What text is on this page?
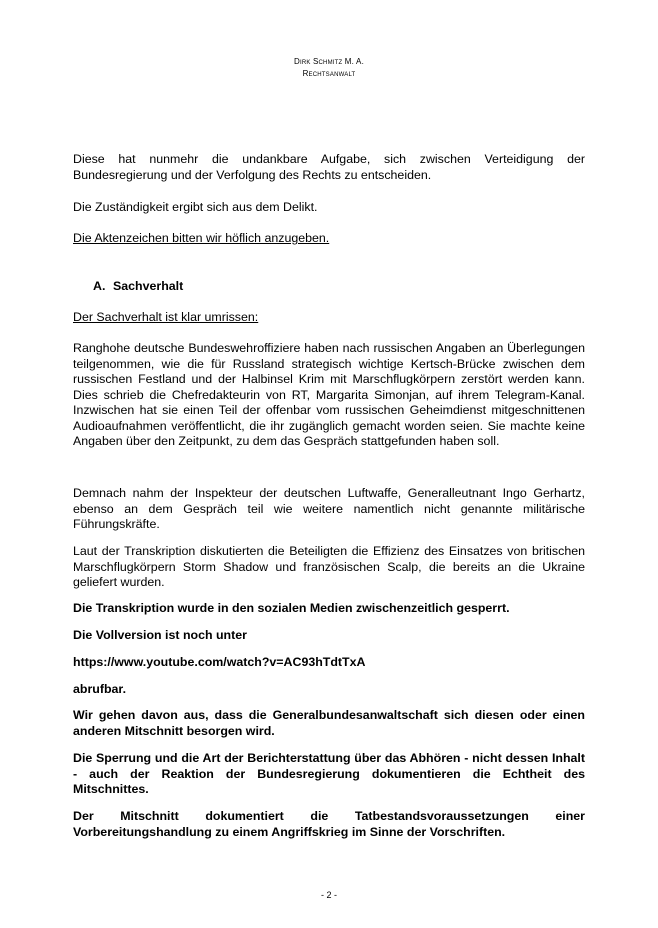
Dirk Schmitz M. A.
Rechtsanwalt

Diese hat nunmehr die undankbare Aufgabe, sich zwischen Verteidigung der Bundesregierung und der Verfolgung des Rechts zu entscheiden.

Die Zuständigkeit ergibt sich aus dem Delikt.

Die Aktenzeichen bitten wir höflich anzugeben.

A. Sachverhalt

Der Sachverhalt ist klar umrissen:

Ranghohe deutsche Bundeswehroffiziere haben nach russischen Angaben an Überlegungen teilgenommen, wie die für Russland strategisch wichtige Kertsch-Brücke zwischen dem russischen Festland und der Halbinsel Krim mit Marschflugkörpern zerstört werden kann. Dies schrieb die Chefredakteurin von RT, Margarita Simonjan, auf ihrem Telegram-Kanal. Inzwischen hat sie einen Teil der offenbar vom russischen Geheimdienst mitgeschnittenen Audioaufnahmen veröffentlicht, die ihr zugänglich gemacht worden seien. Sie machte keine Angaben über den Zeitpunkt, zu dem das Gespräch stattgefunden haben soll.

Demnach nahm der Inspekteur der deutschen Luftwaffe, Generalleutnant Ingo Gerhartz, ebenso an dem Gespräch teil wie weitere namentlich nicht genannte militärische Führungskräfte.

Laut der Transkription diskutierten die Beteiligten die Effizienz des Einsatzes von britischen Marschflugkörpern Storm Shadow und französischen Scalp, die bereits an die Ukraine geliefert wurden.

Die Transkription wurde in den sozialen Medien zwischenzeitlich gesperrt.

Die Vollversion ist noch unter

https://www.youtube.com/watch?v=AC93hTdtTxA

abrufbar.

Wir gehen davon aus, dass die Generalbundesanwaltschaft sich diesen oder einen anderen Mitschnitt besorgen wird.

Die Sperrung und die Art der Berichterstattung über das Abhören - nicht dessen Inhalt - auch der Reaktion der Bundesregierung dokumentieren die Echtheit des Mitschnittes.

Der Mitschnitt dokumentiert die Tatbestandsvoraussetzungen einer Vorbereitungshandlung zu einem Angriffskrieg im Sinne der Vorschriften.

- 2 -
